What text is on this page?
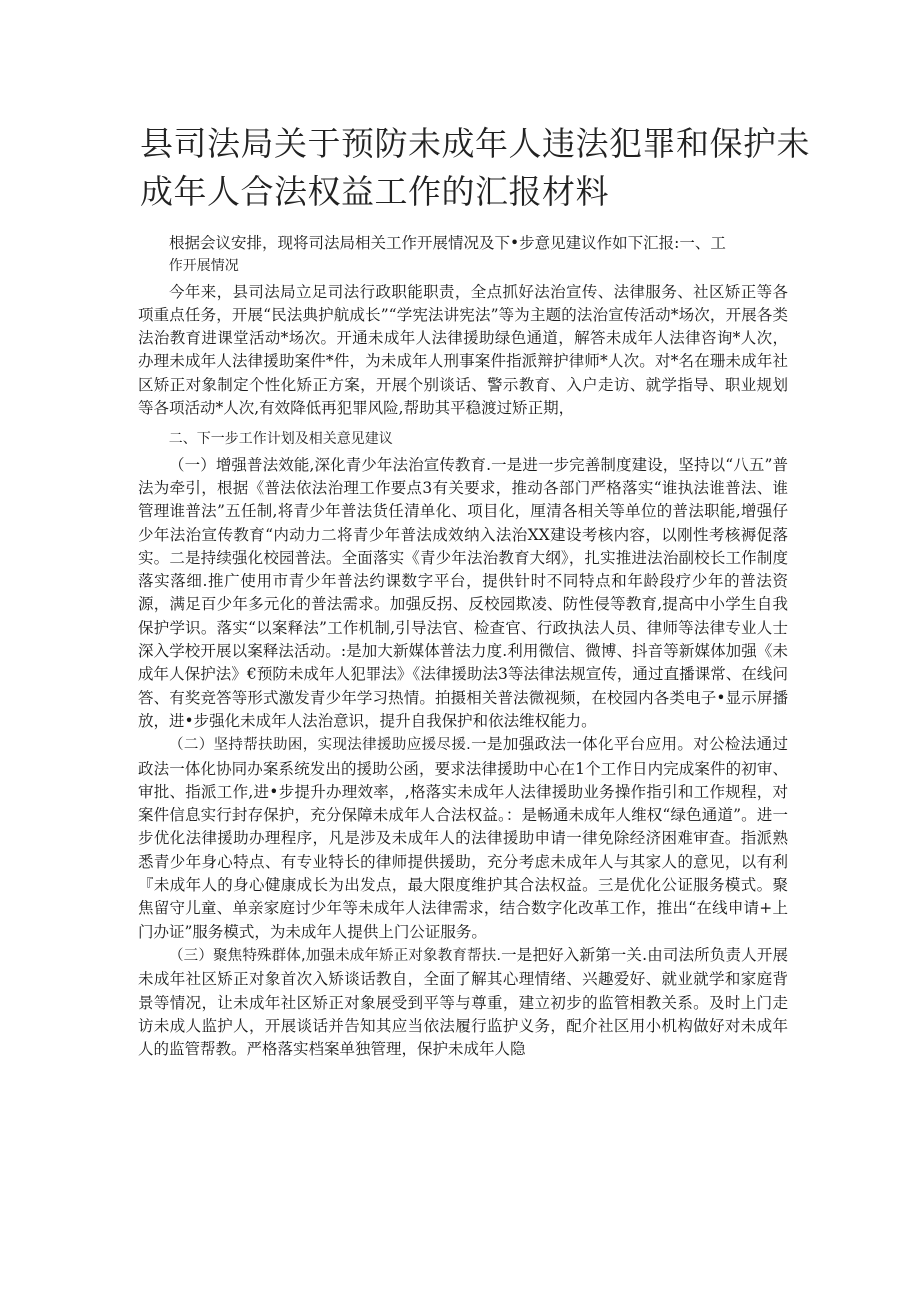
县司法局关于预防未成年人违法犯罪和保护未成年人合法权益工作的汇报材料

根据会议安排，现将司法局相关工作开展情况及下•步意见建议作如下汇报:一、工

作开展情况

今年来，县司法局立足司法行政职能职责，全点抓好法治宣传、法律服务、社区矫正等各项重点任务，开展“民法典护航成长”“学宪法讲宪法”等为主题的法治宣传活动*场次，开展各类法治教育进课堂活动*场次。开通未成年人法律援助绿色通道，解答未成年人法律咨询*人次，办理未成年人法律援助案件*件，为未成年人刑事案件指派辩护律师*人次。对*名在珊未成年社区矫正对象制定个性化矫正方案，开展个别谈话、警示教育、入户走访、就学指导、职业规划等各项活动*人次,有效降低再犯罪风险,帮助其平稳渡过矫正期，

二、下一步工作计划及相关意见建议

（一）增强普法效能,深化青少年法治宣传教育.一是进一步完善制度建设，坚持以“八五”普法为牵引，根据《普法依法治理工作要点3有关要求，推动各部门严格落实“谁执法谁普法、谁管理谁普法”五任制,将青少年普法货任清单化、项目化，厘清各相关等单位的普法职能,增强仔少年法治宣传教育“内动力二将青少年普法成效纳入法治XX建设考核内容，以刚性考核褥促落实。二是持续强化校园普法。全面落实《青少年法治教育大纲》，扎实推进法治副校长工作制度落实落细.推广使用市青少年普法约课数字平台，提供针时不同特点和年龄段疗少年的普法资源，满足百少年多元化的普法需求。加强反拐、反校园欺凌、防性侵等教育,提高中小学生自我保护学识。落实“以案释法”工作机制,引导法官、检查官、行政执法人员、律师等法律专业人士深入学校开展以案释法活动。:是加大新媒体普法力度.利用微信、微博、抖音等新媒体加强《未成年人保护法》€预防未成年人犯罪法》《法律援助法3等法律法规宣传，通过直播课常、在线问答、有奖竞答等形式激发青少年学习热情。拍摄相关普法微视频，在校园内各类电子•显示屏播放，进•步强化未成年人法治意识，提升自我保护和依法维权能力。

（二）坚持帮扶助困，实现法律援助应援尽援.一是加强政法一体化平台应用。对公检法通过政法一体化协同办案系统发出的援助公函，要求法律援助中心在1个工作日内完成案件的初审、审批、指派工作,进•步提升办理效率，,格落实未成年人法律援助业务操作指引和工作规程，对案件信息实行封存保护，充分保障未成年人合法权益。：是畅通未成年人维权“绿色通道”。进一步优化法律援助办理程序，凡是涉及未成年人的法律援助申请一律免除经济困难审查。指派熟悉青少年身心特点、有专业特长的律师提供援助，充分考虑未成年人与其家人的意见，以有利『未成年人的身心健康成长为出发点，最大限度维护其合法权益。三是优化公证服务模式。聚焦留守儿童、单亲家庭讨少年等未成年人法律需求，结合数字化改革工作，推出“在线申请+上门办证”服务模式，为未成年人提供上门公证服务。

（三）聚焦特殊群体,加强未成年矫正对象教育帮扶.一是把好入新第一关.由司法所负责人开展未成年社区矫正对象首次入矫谈话教自，全面了解其心理情绪、兴趣爱好、就业就学和家庭背景等情况，让未成年社区矫正对象展受到平等与尊重，建立初步的监管相教关系。及时上门走访未成人监护人，开展谈话并告知其应当依法履行监护义务，配介社区用小机构做好对未成年人的监管帮教。严格落实档案单独管理，保护未成年人隐
